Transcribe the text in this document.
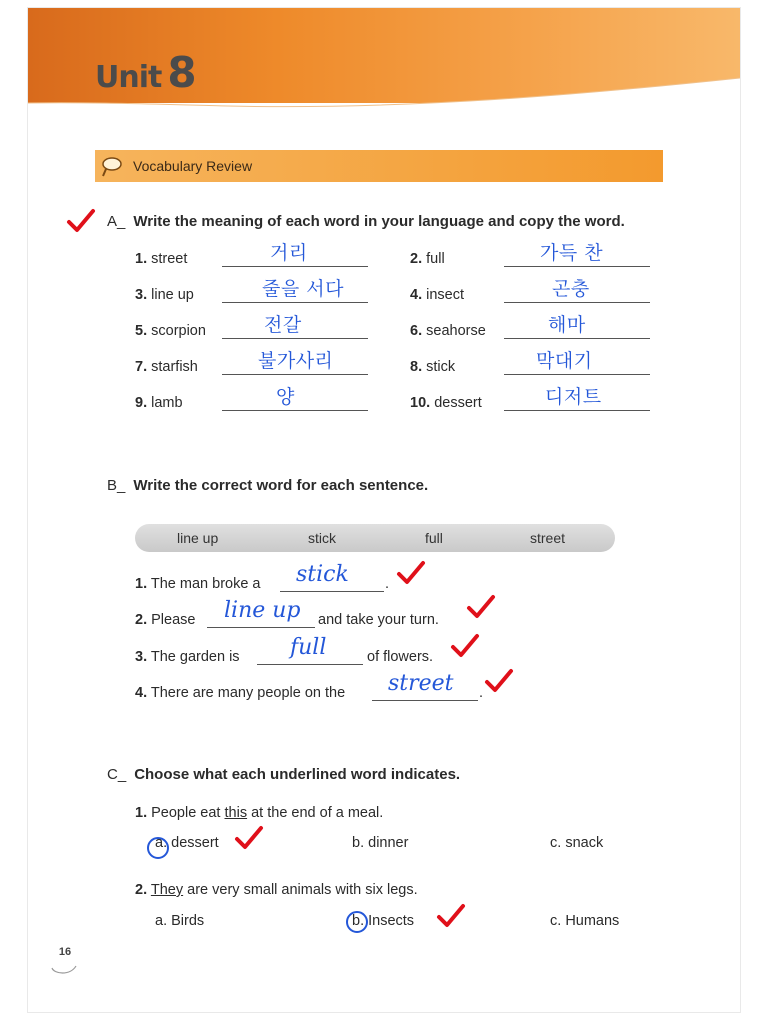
Unit 8
Vocabulary Review
A_ Write the meaning of each word in your language and copy the word.
1. street	거리	2. full	가득 찬
3. line up	줄을 서다	4. insect	곤충
5. scorpion	전갈	6. seahorse	해마
7. starfish	불가사리	8. stick	막대기
9. lamb	양	10. dessert	디저트
B_ Write the correct word for each sentence.
line up	stick	full	street
1. The man broke a	.
stick
2. Please	and take your turn.
line up
3. The garden is	of flowers.
full
4. There are many people on the	.
street
C_ Choose what each underlined word indicates.
1. People eat this at the end of a meal.
a. dessert	b. dinner	c. snack
2. They are very small animals with six legs.
a. Birds	b. Insects	c. Humans
16
